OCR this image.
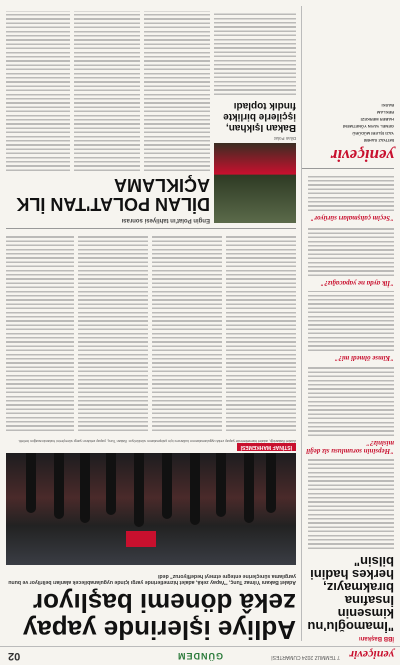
yeniçevir
7 TEMMUZ 2024 CUMARTESİ
GÜNDEM
02
Adliye işlerinde yapay zekâ dönemi başlıyor
Adalet Bakanı Yılmaz Tunç, "Yapay zekâ, adalet hizmetlerinde yargı içinde uygulanabilecek alanları belirliyor ve bunu yargılama süreçlerine entegre etmeyi hedefliyoruz" dedi
İSTİNAF MAHKEMESİ
Adalet Bakanlığı, adalet hizmetlerinde yapay zekâ uygulamalarının kullanımı için çalışmalarını sürdürüyor. Bakan Tunç, yapay zekânın yargı süreçlerini hızlandıracağını belirtti.
Engin Polat'ın tahliyesi sonrası
DİLAN POLAT'TAN İLK AÇIKLAMA
Dilan Polat
Bakan Işıkhan, işçilerle birlikte fındık topladı
İBB Başkanı
"İmamoğlu'nu kimsenin İnsafına bırakmayız, herkes hadini bilsin"
"Hepsinin sorumlusu siz değil misiniz?"
"Kimse ölmedi mi?"
"İlk ayda ne yapacağız?"
"Seçim çalışmaları sürüyor"
yeniçevir
İMTİYAZ SAHİBİ
YAZI İŞLERİ MÜDÜRÜ
GENEL YAYIN YÖNETMENİ
HABER MERKEZİ
REKLAM
BASKI
